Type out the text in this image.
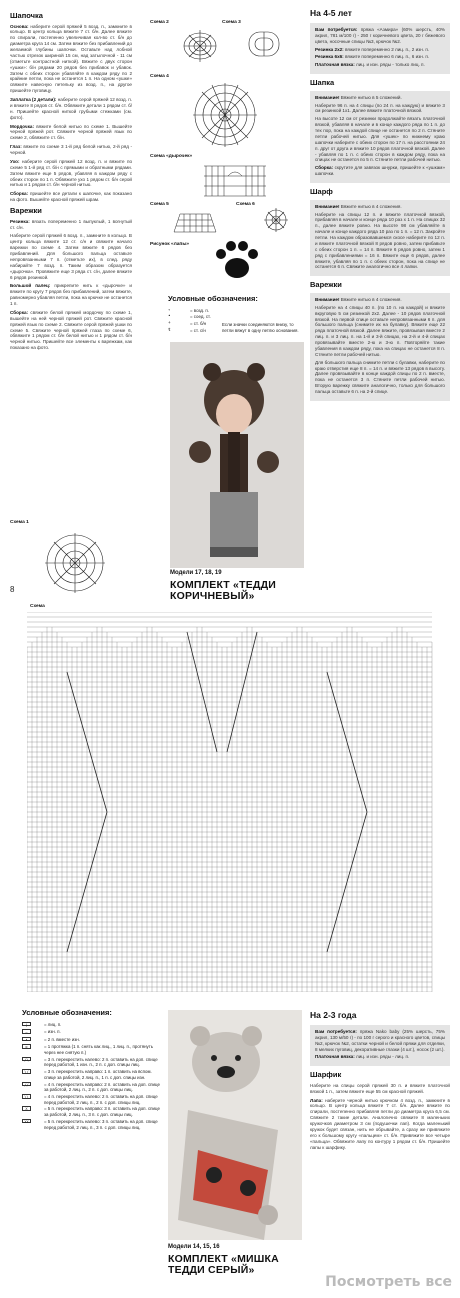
Шапочка

Основа: наберите серой пряжей 5 возд. п., замкните в кольцо. В центр кольца вяжите 7 ст. б/н. Далее вяжите по спирали, постепенно увеличивая кол-во ст. б/н до диаметра круга 14 см. Затем вяжите без прибавлений до желаемой глубины шапочки. Оставьте над лобной частью отрезок шириной 15 см, над затылочной - 11 см (отметьте контрастной ниткой). Вяжите с двух сторон «ушки»: б/н рядами 20 рядов без прибавок и убавок. Затем с обеих сторон убавляйте в каждом ряду по 2 крайние петли, пока не останется 1 п. На одном «ушке» свяжите навесную петельку из возд. п., на другое пришейте пуговицу.

Заплатка (2 детали): наберите серой пряжей 12 возд. п. и вяжите 8 рядов ст. б/н. Обвяжите детали 1 рядом ст. б/н. Пришейте красной ниткой грубыми стежками (см. фото).

Мордочка: вяжите белой нитью по схеме 1. Вышейте черной пряжей рот. Свяжите черной пряжей язык по схеме 2, обвяжите ст. б/н.

Глаз: вяжите по схеме 3 1-й ряд белой нитью, 2-й ряд - черной.

Ухо: наберите серой пряжей 12 возд. п. и вяжите по схеме 5 1-й ряд ст. б/н с прямыми и обратными рядами. Затем вяжите еще 5 рядов, убавляя в каждом ряду с обеих сторон по 1 п. Обвяжите ухо 1 рядом ст. б/н серой нитью и 1 рядом ст. б/н черной нитью.

Сборка: пришейте все детали к шапочке, как показано на фото. Вышейте красной пряжей шрам.

Варежки

Резинка: вязать попеременно 1 выпуклый, 1 вогнутый ст. с/н.

Наберите серой пряжей 6 возд. п., замкните в кольцо. В центр кольца вяжите 12 ст. с/н и свяжите начало варежки по схеме 4. Затем вяжите 6 рядов без прибавлений. Для большого пальца оставьте непровязанными 7 п. (отметьте их), в след. ряду набирайте 7 возд. п. Таким образом образуется «дырочка». Провяжите еще 3 ряда ст. с/н, далее вяжите 6 рядов резинкой.

Большой палец: прикрепите нить к «дырочке» и вяжите по кругу 7 рядов без прибавлений, затем вяжите, равномерно убавляя петли, пока на крючке не останется 1 п.

Сборка: свяжите белой пряжей мордочку по схеме 1, вышейте на ней черной пряжей рот. Свяжите красной пряжей язык по схеме 2. Свяжите серой пряжей ушки по схеме 5. Свяжите черной пряжей глаза по схеме 6, обвяжите 1 рядом ст. б/н белой нитью и 1 рядом ст. б/н черной нитью. Пришейте все элементы к варежкам, как показано на фото.

Схема 2	Схема 3
Схема 4
Схема «дырочек»
Схема 5	Схема 6
Рисунок «лапы»
Схема 1
Условные обозначения:
∘	= возд. п.
•	= соед. ст.
+	= ст. б/н
ŧ	= ст. с/н
Если значки соединяются внизу, то петли вяжут в одну петлю основания.
Модели 17, 18, 19
КОМПЛЕКТ «ТЕДДИ КОРИЧНЕВЫЙ»
8
На 4-5 лет

Вам потребуется: пряжа «Азмира» (60% шерсть, 40% акрил, 781 м/100 г) - 250 г коричневого цвета, 20 г бежевого цвета, носочные спицы №3, крючок №2.

Резинка 2x2: вяжите попеременно 2 лиц. п., 2 изн. п.

Резинка 6x6: вяжите попеременно 6 лиц. п., 6 изн. п.

Платочная вязка: лиц. и изн. ряды - только лиц. п.

Шапка

Внимание! Вяжите нитью в 5 сложений.

Наберите 96 п. на 4 спицы (по 24 п. на каждую) и вяжите 3 см резинкой 1x1. Далее вяжите платочной вязкой.

На высоте 12 см от резинки продолжайте вязать платочной вязкой, убавляя в начале и в конце каждого ряда по 1 п. до тех пор, пока на каждой спице не останется по 2 п. Стяните петли рабочей нитью. Для «ушек» по нижнему краю шапочки наберите с обеих сторон по 17 п. на расстоянии 24 п. друг от друга и вяжите 10 рядов платочной вязкой. Далее - убавляя по 1 п. с обеих сторон в каждом ряду, пока на спицах не останется по 5 п. Стяните петли рабочей нитью.

Сборка: скрутите для завязок шнурки, пришейте к «ушкам» шапочки.

Шарф

Внимание! Вяжите нитью в 4 сложения.

Наберите на спицы 12 п. и вяжите платочной вязкой, прибавляя в начале и конце ряда 10 раз x 1 п. На спицах 32 п., далее вяжите ровно. На высоте 98 см убавляйте в начале и конце каждого ряда 10 раз по 1 п. = 12 п. Закройте петли. На каждом образовавшемся скосе наберите по 12 п. и вяжите платочной вязкой 8 рядов ровно, затем прибавьте с обеих сторон 1 п. = 14 п. Вяжите 6 рядов ровно, затем 1 ряд с прибавлениями = 16 п. Вяжите еще 6 рядов, далее вяжите, убавляя по 1 п. с обеих сторон, пока на спице не останется 6 п. Свяжите аналогично все 4 лапки.

Варежки

Внимание! Вяжите нитью в 4 сложения.

Наберите на 4 спицы 40 п. (по 10 п. на каждой) и вяжите вкруговую 5 см резинкой 2x2. Далее - 10 рядов платочной вязкой. На первой спице оставьте непровязанными 6 п. для большого пальца (снимите их на булавку). Вяжите еще 22 ряда платочной вязкой. Далее вяжите, провязывая вместе 2 лиц. п. и 3 лиц. п. на 1-й и 3-й спицах, на 2-й и 4-й спицах провязывайте вместе 2-ю и 3-ю п. Повторяйте такие убавления в каждом ряду, пока на спицах не останется 8 п. Стяните петли рабочей нитью.

Для большого пальца снимите петли с булавки, наберите по краю отверстия еще 8 п. = 14 п. и вяжите 13 рядов в высоту. Далее провязывайте в конце каждой спицы по 2 п. вместе, пока не останется 3 п. Стяните петли рабочей нитью. Вторую варежку свяжите аналогично, только для большого пальца оставьте 6 п. на 2-й спице.

Схема
Условные обозначения:
|	= лиц. п.
—	= изн. п.
∧	= 2 п. вместе изн.
o	= 1 протяжка (1 п. снять как лиц., 1 лиц. п., протянуть через нее снятую п.)
/\	= 3 п. перекрестить налево: 2 п. оставить на доп. спице перед работой, 1 изн. п., 2 п. с доп. спицы лиц.
\/	= 3 п. перекрестить направо: 1 п. оставить на вспом. спице за работой, 2 лиц. п., 1 п. с доп. спицы изн.
//	= 4 п. перекрестить направо: 2 п. оставить на доп. спице за работой, 2 лиц. п., 2 п. с доп. спицы лиц.
\\	= 4 п. перекрестить налево: 2 п. оставить на доп. спице перед работой, 2 лиц. п., 2 п. с доп. спицы лиц.
X	= 5 п. перекрестить направо: 3 п. оставить на доп. спице за работой, 2 лиц. п., 3 п. с доп. спицы лиц.
XX	= 5 п. перекрестить налево: 3 п. оставить на доп. спице перед работой, 2 лиц. п., 3 п. с доп. спицы лиц.
Модели 14, 15, 16
КОМПЛЕКТ «МИШКА ТЕДДИ СЕРЫЙ»
На 2-3 года

Вам потребуется: пряжа Nako baby (25% шерсть, 75% акрил, 130 м/50 г) - по 100 г серого и красного цветов, спицы №2, крючок №2, остатки черной и белой пряжи для отделки, 8 мелких пуговиц, декоративные глазки (4 шт.), носок (2 шт.).

Платочная вязка: лиц. и изн. ряды - лиц. п.

Шарфик

Наберите на спицы серой пряжей 30 п. и вяжите платочной вязкой 1 п., затем вяжите еще 55 см красной пряжей.

Лапа: наберите черной нитью крючком 4 возд. п., замкните в кольцо. В центр кольца вяжите 7 ст. б/н. Далее вяжите по спирали, постепенно прибавляя петли до диаметра круга 6,5 см. Свяжите 2 такие детали. Аналогично свяжите 8 маленьких кружочков диаметром 3 см (подушечки лап). Когда маленький кружок будет связан, нить не обрывайте, а сразу же привяжите его к большому кругу «пальцем» ст. б/н. Привяжите все четыре «пальца». Обвяжите лапу по контуру 1 рядом ст. б/н. Пришейте лапы к шарфику.

Посмотреть все
